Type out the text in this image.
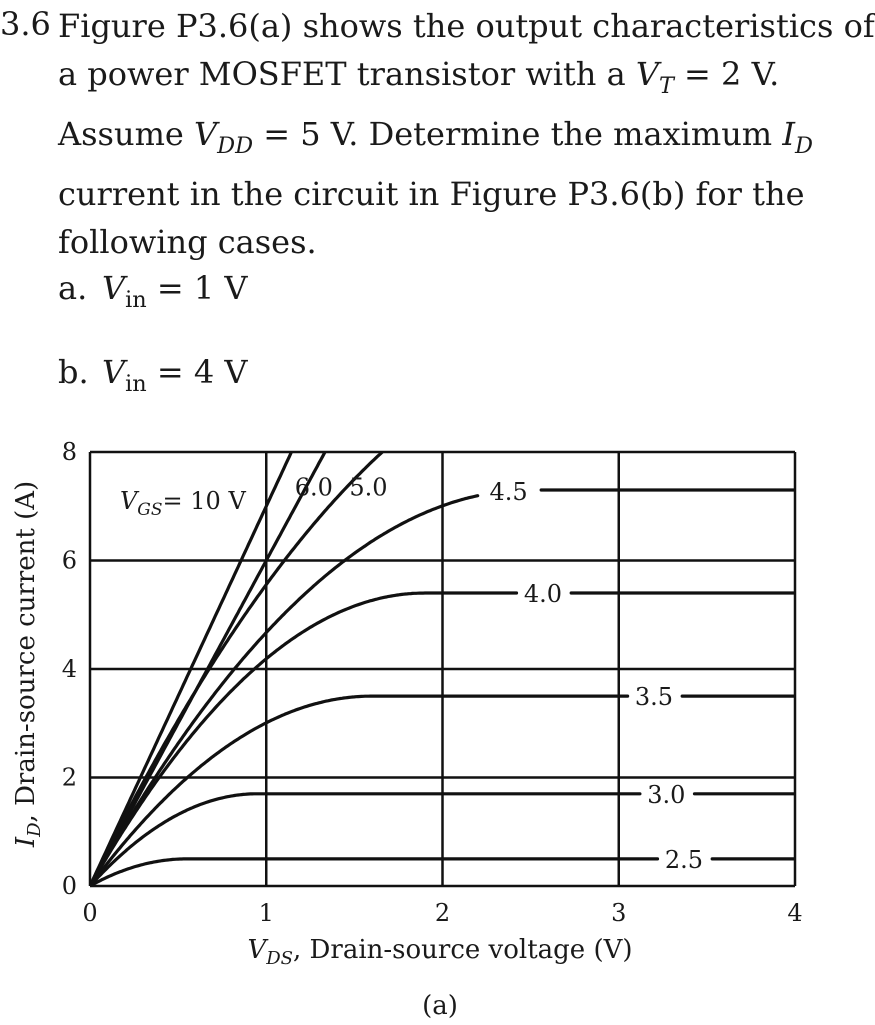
3.6 Figure P3.6(a) shows the output characteristics of
a power MOSFET transistor with a $V_T = 2$ V.
Assume $V_{DD} = 5$ V. Determine the maximum $I_D$
current in the circuit in Figure P3.6(b) for the
following cases.
a. $V_{in} = 1$ V
b. $V_{in} = 4$ V
4.5
4.0
3.5
3.0
2.5
6.0 5.0
$V_{GS}= 10$ V
0	1	2	3	4
0
2
4
6
8
$V_{DS}$, Drain-source voltage (V)
$I_D$, Drain-source current (A)
(a)
